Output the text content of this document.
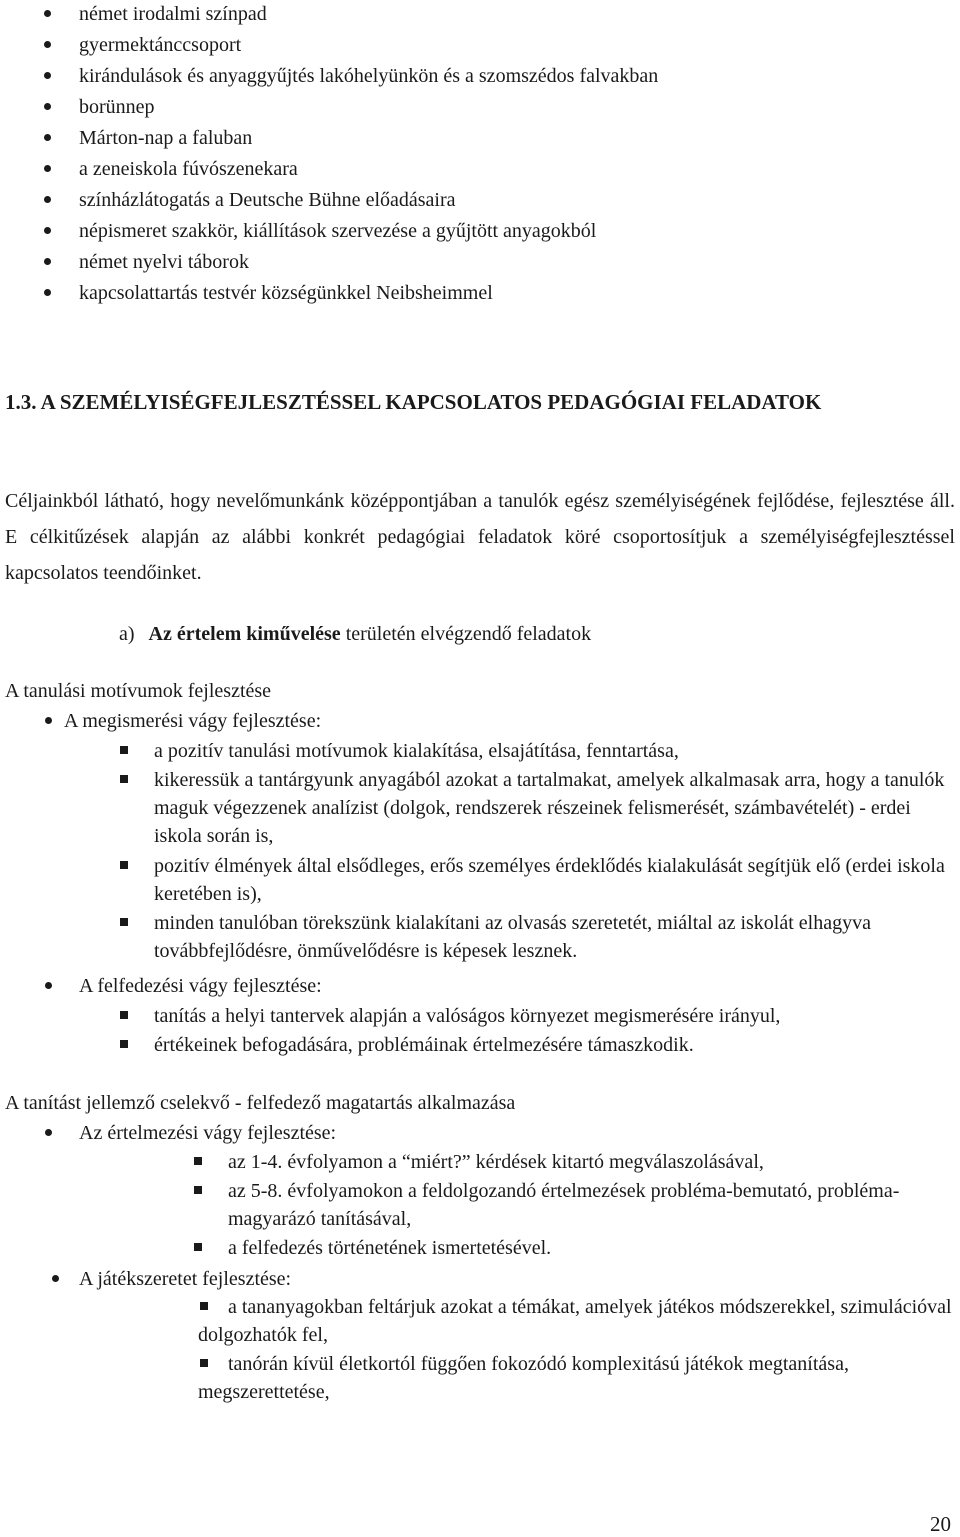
német irodalmi színpad
gyermektánccsoport
kirándulások és anyaggyűjtés lakóhelyünkön és a szomszédos falvakban
borünnep
Márton-nap a faluban
a zeneiskola fúvószenekara
színházlátogatás a Deutsche Bühne előadásaira
népismeret szakkör, kiállítások szervezése a gyűjtött anyagokból
német nyelvi táborok
kapcsolattartás testvér községünkkel Neibsheimmel
1.3. A SZEMÉLYISÉGFEJLESZTÉSSEL KAPCSOLATOS PEDAGÓGIAI FELADATOK

Céljainkból látható, hogy nevelőmunkánk középpontjában a tanulók egész személyiségének fejlődése, fejlesztése áll. E célkitűzések alapján az alábbi konkrét pedagógiai feladatok köré csoportosítjuk a személyiségfejlesztéssel kapcsolatos teendőinket.

a) Az értelem kiművelése területén elvégzendő feladatok
A tanulási motívumok fejlesztése
A megismerési vágy fejlesztése:
a pozitív tanulási motívumok kialakítása, elsajátítása, fenntartása,
kikeressük a tantárgyunk anyagából azokat a tartalmakat, amelyek alkalmasak arra, hogy a tanulók maguk végezzenek analízist (dolgok, rendszerek részeinek felismerését, számbavételét) - erdei iskola során is,
pozitív élmények által elsődleges, erős személyes érdeklődés kialakulását segítjük elő (erdei iskola keretében is),
minden tanulóban törekszünk kialakítani az olvasás szeretetét, miáltal az iskolát elhagyva továbbfejlődésre, önművelődésre is képesek lesznek.
A felfedezési vágy fejlesztése:
tanítás a helyi tantervek alapján a valóságos környezet megismerésére irányul,
értékeinek befogadására, problémáinak értelmezésére támaszkodik.
A tanítást jellemző cselekvő - felfedező magatartás alkalmazása
Az értelmezési vágy fejlesztése:
az 1-4. évfolyamon a “miért?” kérdések kitartó megválaszolásával,
az 5-8. évfolyamokon a feldolgozandó értelmezések probléma-bemutató, probléma-magyarázó tanításával,
a felfedezés történetének ismertetésével.
A játékszeretet fejlesztése:
a tananyagokban feltárjuk azokat a témákat, amelyek játékos módszerekkel, szimulációval dolgozhatók fel,
tanórán kívül életkortól függően fokozódó komplexitású játékok megtanítása, megszerettetése,
20
